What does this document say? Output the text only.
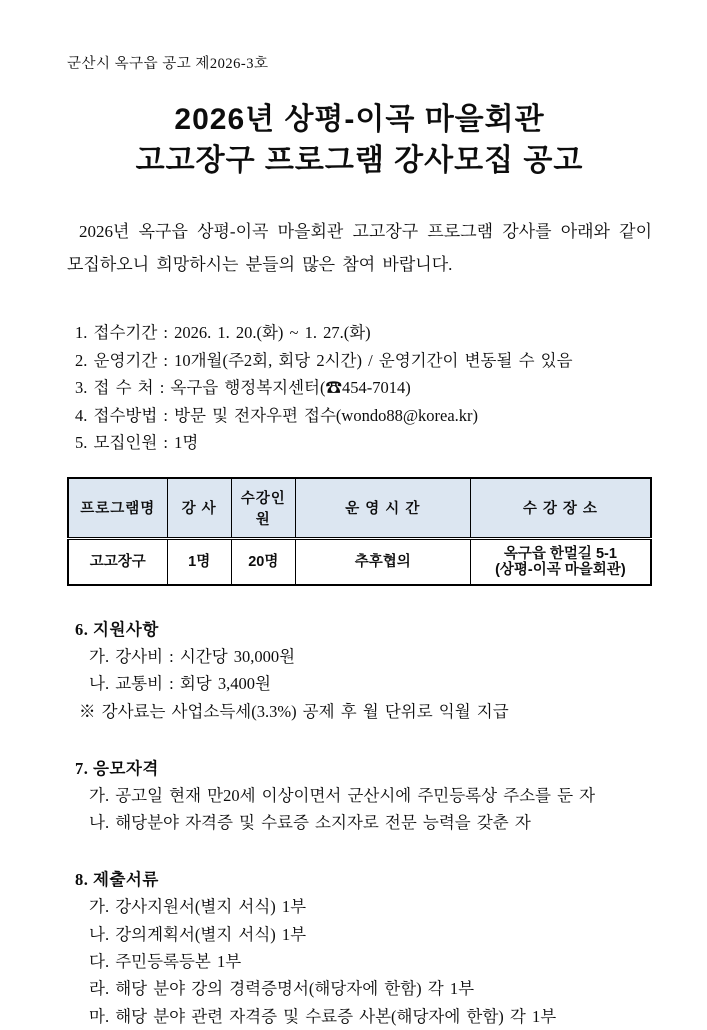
군산시 옥구읍 공고 제2026-3호
2026년 상평-이곡 마을회관
고고장구 프로그램 강사모집 공고

2026년 옥구읍 상평-이곡 마을회관 고고장구 프로그램 강사를 아래와 같이 모집하오니 희망하시는 분들의 많은 참여 바랍니다.

1. 접수기간 : 2026. 1. 20.(화) ~ 1. 27.(화)
2. 운영기간 : 10개월(주2회, 회당 2시간) / 운영기간이 변동될 수 있음
3. 접 수 처 : 옥구읍 행정복지센터(☎454-7014)
4. 접수방법 : 방문 및 전자우편 접수(wondo88@korea.kr)
5. 모집인원 : 1명
프로그램명	강 사	수강인원	운 영 시 간	수 강 장 소
고고장구	1명	20명	추후협의	옥구읍 한멀길 5-1
(상평-이곡 마을회관)
6. 지원사항
가. 강사비 : 시간당 30,000원
나. 교통비 : 회당 3,400원
※ 강사료는 사업소득세(3.3%) 공제 후 월 단위로 익월 지급
7. 응모자격
가. 공고일 현재 만20세 이상이면서 군산시에 주민등록상 주소를 둔 자
나. 해당분야 자격증 및 수료증 소지자로 전문 능력을 갖춘 자
8. 제출서류
가. 강사지원서(별지 서식) 1부
나. 강의계획서(별지 서식) 1부
다. 주민등록등본 1부
라. 해당 분야 강의 경력증명서(해당자에 한함) 각 1부
마. 해당 분야 관련 자격증 및 수료증 사본(해당자에 한함) 각 1부
